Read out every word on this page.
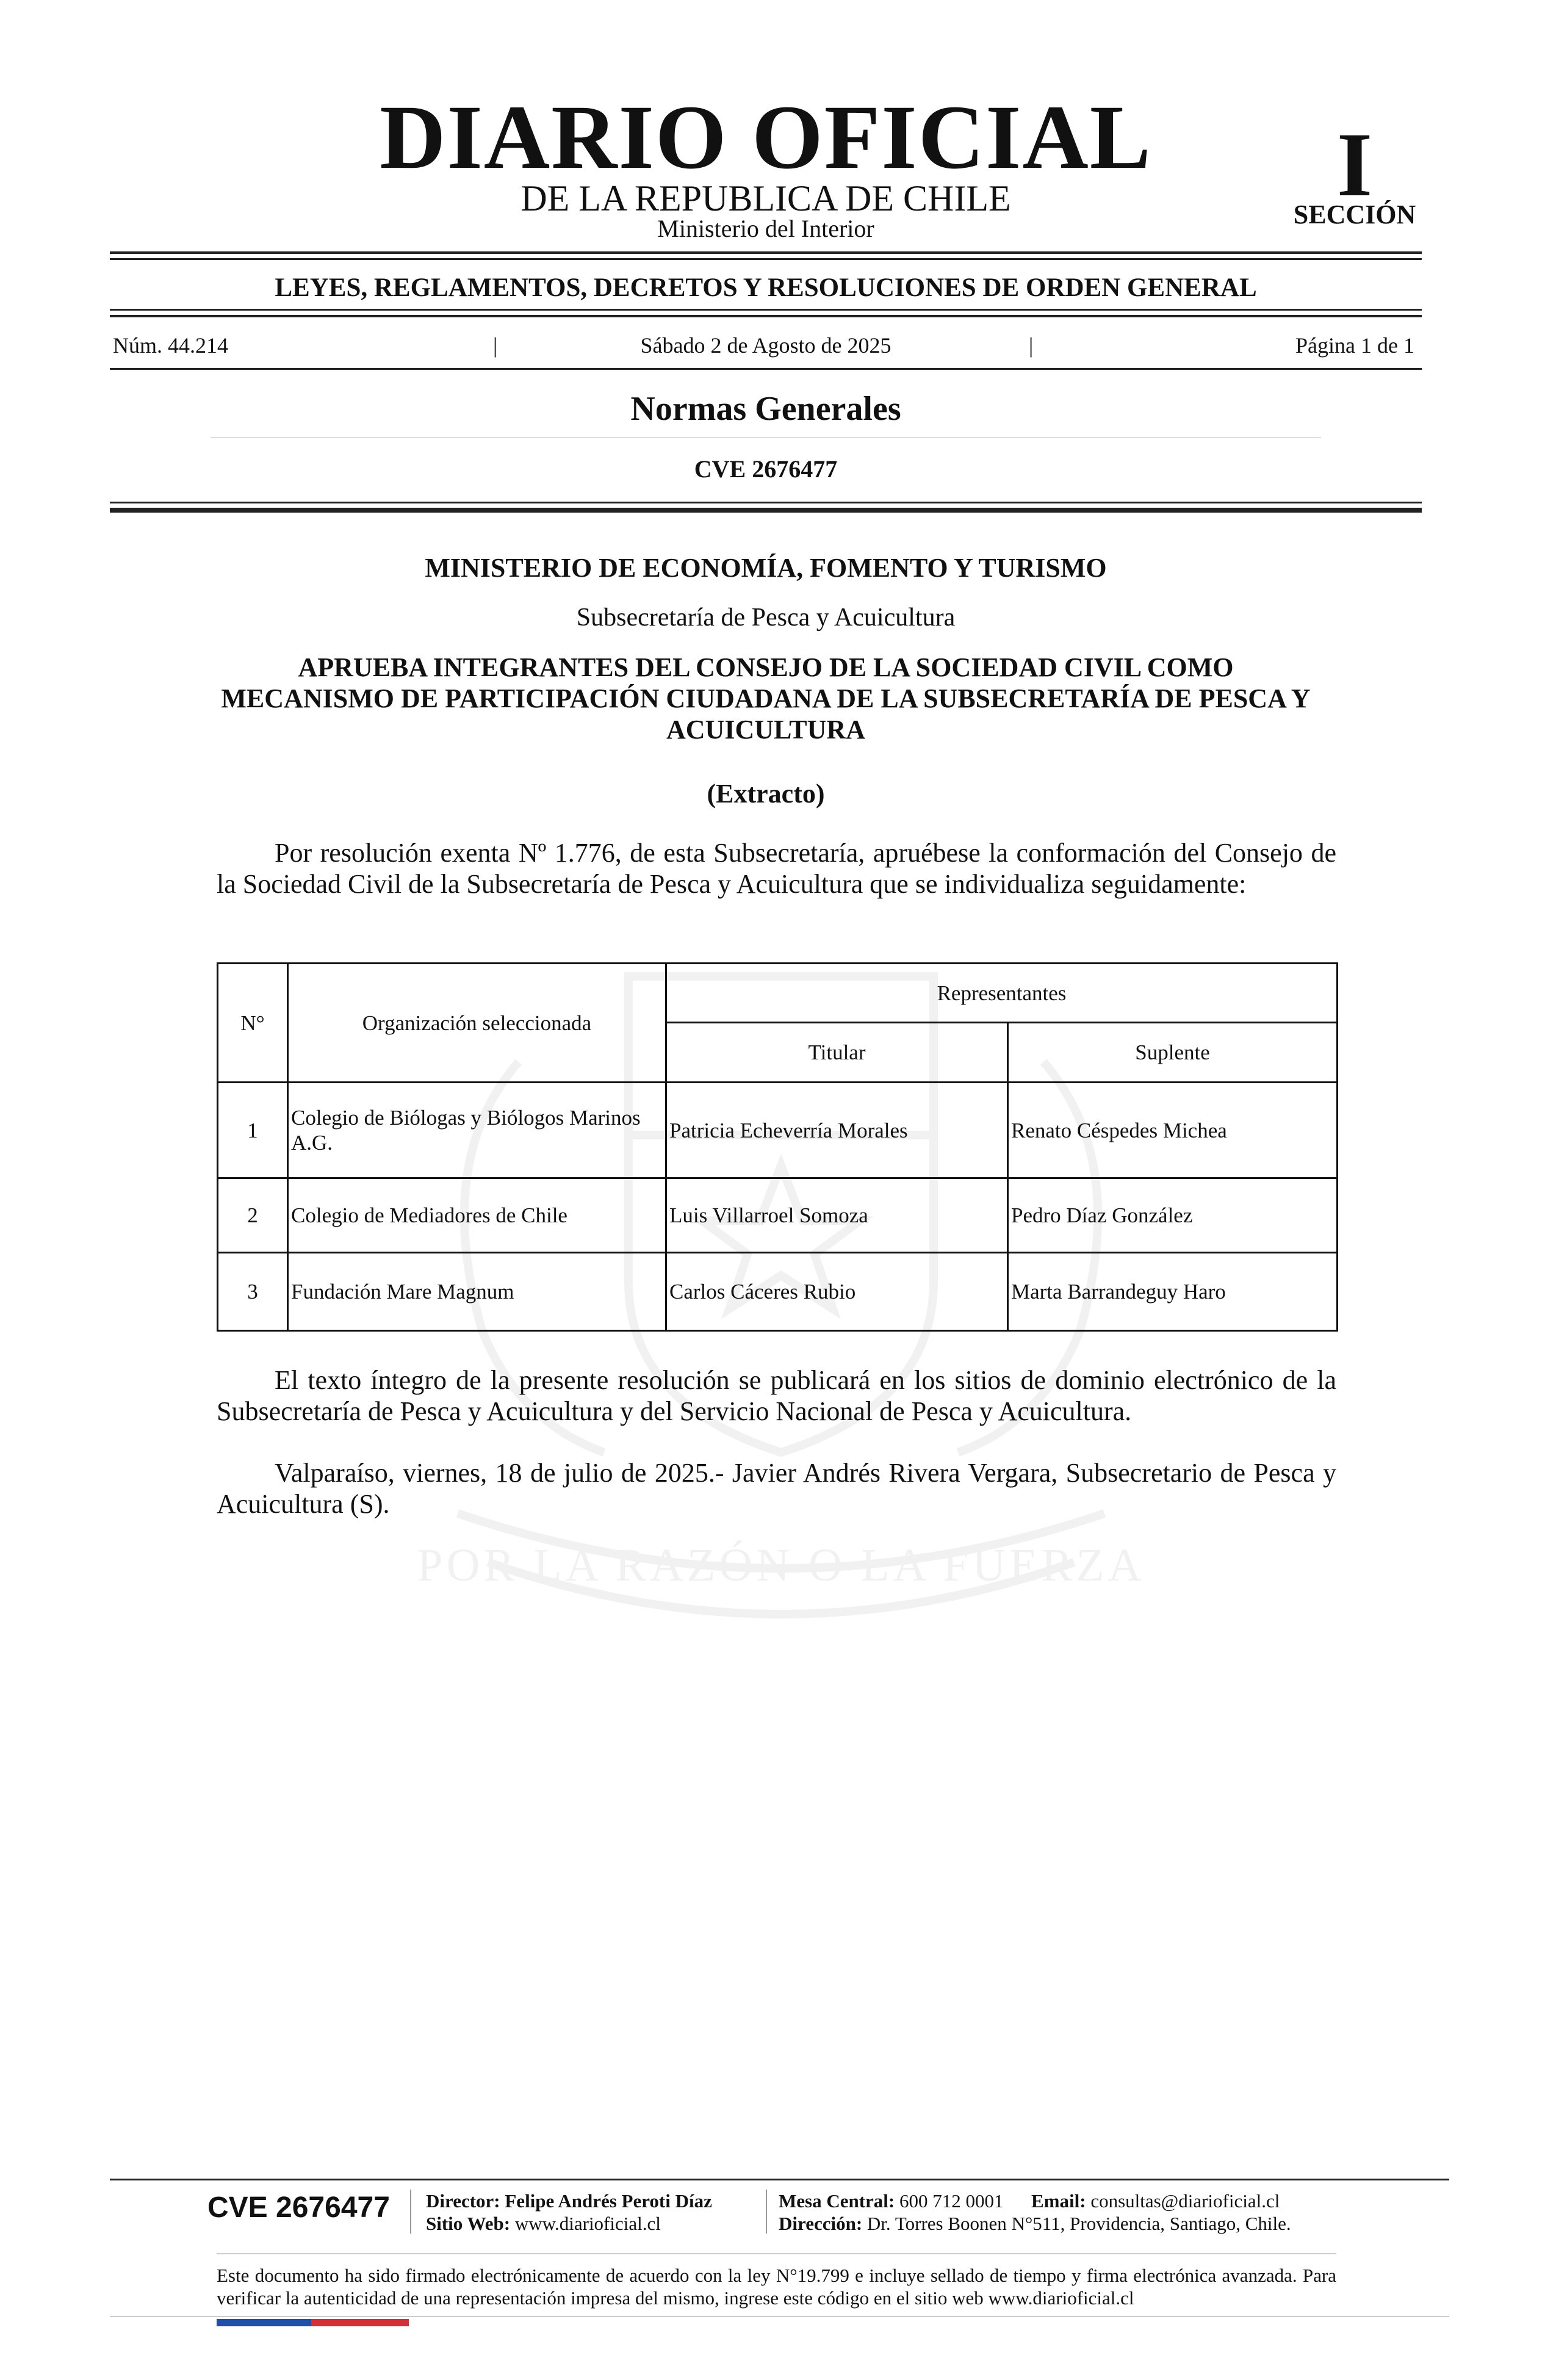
POR LA RAZÓN O LA FUERZA
DIARIO OFICIAL
DE LA REPUBLICA DE CHILE
Ministerio del Interior
I
SECCIÓN
LEYES, REGLAMENTOS, DECRETOS Y RESOLUCIONES DE ORDEN GENERAL
Núm. 44.214	|	Sábado 2 de Agosto de 2025	|	Página 1 de 1
Normas Generales
CVE 2676477
MINISTERIO DE ECONOMÍA, FOMENTO Y TURISMO
Subsecretaría de Pesca y Acuicultura
APRUEBA INTEGRANTES DEL CONSEJO DE LA SOCIEDAD CIVIL COMO MECANISMO DE PARTICIPACIÓN CIUDADANA DE LA SUBSECRETARÍA DE PESCA Y ACUICULTURA
(Extracto)
Por resolución exenta Nº 1.776, de esta Subsecretaría, apruébese la conformación del Consejo de la Sociedad Civil de la Subsecretaría de Pesca y Acuicultura que se individualiza seguidamente:
N°	Organización seleccionada	Representantes	
		Titular	Suplente
1	Colegio de Biólogas y Biólogos Marinos A.G.	Patricia Echeverría Morales	Renato Céspedes Michea
2	Colegio de Mediadores de Chile	Luis Villarroel Somoza	Pedro Díaz González
3	Fundación Mare Magnum	Carlos Cáceres Rubio	Marta Barrandeguy Haro
El texto íntegro de la presente resolución se publicará en los sitios de dominio electrónico de la Subsecretaría de Pesca y Acuicultura y del Servicio Nacional de Pesca y Acuicultura.
Valparaíso, viernes, 18 de julio de 2025.- Javier Andrés Rivera Vergara, Subsecretario de Pesca y Acuicultura (S).
CVE 2676477 Director: Felipe Andrés Peroti Díaz
Sitio Web: www.diarioficial.cl
Mesa Central: 600 712 0001 Email: consultas@diarioficial.cl
Dirección: Dr. Torres Boonen N°511, Providencia, Santiago, Chile.
Este documento ha sido firmado electrónicamente de acuerdo con la ley N°19.799 e incluye sellado de tiempo y firma electrónica avanzada. Para verificar la autenticidad de una representación impresa del mismo, ingrese este código en el sitio web www.diarioficial.cl
